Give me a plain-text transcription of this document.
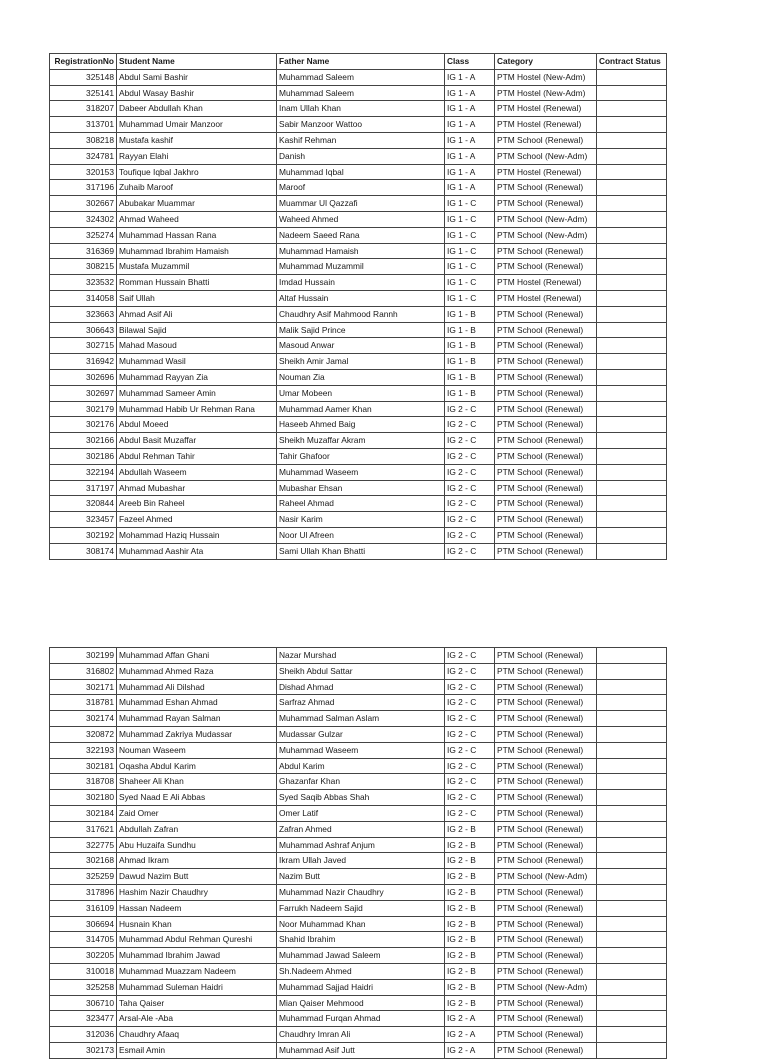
RegistrationNo	Student Name	Father Name	Class	Category	Contract Status
325148	Abdul Sami Bashir	Muhammad Saleem	IG 1 - A	PTM Hostel (New-Adm)	
325141	Abdul Wasay Bashir	Muhammad Saleem	IG 1 - A	PTM Hostel (New-Adm)	
318207	Dabeer Abdullah Khan	Inam Ullah Khan	IG 1 - A	PTM Hostel (Renewal)	
313701	Muhammad Umair Manzoor	Sabir Manzoor Wattoo	IG 1 - A	PTM Hostel (Renewal)	
308218	Mustafa kashif	Kashif Rehman	IG 1 - A	PTM School (Renewal)	
324781	Rayyan Elahi	Danish	IG 1 - A	PTM School (New-Adm)	
320153	Toufique Iqbal Jakhro	Muhammad Iqbal	IG 1 - A	PTM Hostel (Renewal)	
317196	Zuhaib Maroof	Maroof	IG 1 - A	PTM School (Renewal)	
302667	Abubakar Muammar	Muammar Ul Qazzafi	IG 1 - C	PTM School (Renewal)	
324302	Ahmad Waheed	Waheed Ahmed	IG 1 - C	PTM School (New-Adm)	
325274	Muhammad Hassan Rana	Nadeem Saeed Rana	IG 1 - C	PTM School (New-Adm)	
316369	Muhammad Ibrahim Hamaish	Muhammad Hamaish	IG 1 - C	PTM School (Renewal)	
308215	Mustafa Muzammil	Muhammad Muzammil	IG 1 - C	PTM School (Renewal)	
323532	Romman Hussain Bhatti	Imdad Hussain	IG 1 - C	PTM Hostel (Renewal)	
314058	Saif Ullah	Altaf Hussain	IG 1 - C	PTM Hostel (Renewal)	
323663	Ahmad Asif Ali	Chaudhry Asif Mahmood Rannh	IG 1 - B	PTM School (Renewal)	
306643	Bilawal Sajid	Malik Sajid Prince	IG 1 - B	PTM School (Renewal)	
302715	Mahad Masoud	Masoud Anwar	IG 1 - B	PTM School (Renewal)	
316942	Muhammad Wasil	Sheikh Amir Jamal	IG 1 - B	PTM School (Renewal)	
302696	Muhammad Rayyan Zia	Nouman Zia	IG 1 - B	PTM School (Renewal)	
302697	Muhammad Sameer Amin	Umar Mobeen	IG 1 - B	PTM School (Renewal)	
302179	Muhammad Habib Ur Rehman Rana	Muhammad Aamer Khan	IG 2 - C	PTM School (Renewal)	
302176	Abdul Moeed	Haseeb Ahmed Baig	IG 2 - C	PTM School (Renewal)	
302166	Abdul Basit Muzaffar	Sheikh Muzaffar Akram	IG 2 - C	PTM School (Renewal)	
302186	Abdul Rehman Tahir	Tahir Ghafoor	IG 2 - C	PTM School (Renewal)	
322194	Abdullah Waseem	Muhammad Waseem	IG 2 - C	PTM School (Renewal)	
317197	Ahmad Mubashar	Mubashar Ehsan	IG 2 - C	PTM School (Renewal)	
320844	Areeb Bin Raheel	Raheel Ahmad	IG 2 - C	PTM School (Renewal)	
323457	Fazeel Ahmed	Nasir Karim	IG 2 - C	PTM School (Renewal)	
302192	Mohammad Haziq Hussain	Noor Ul Afreen	IG 2 - C	PTM School (Renewal)	
308174	Muhammad Aashir Ata	Sami Ullah Khan Bhatti	IG 2 - C	PTM School (Renewal)	
302199	Muhammad Affan Ghani	Nazar Murshad	IG 2 - C	PTM School (Renewal)	
316802	Muhammad Ahmed Raza	Sheikh Abdul Sattar	IG 2 - C	PTM School (Renewal)	
302171	Muhammad Ali Dilshad	Dishad Ahmad	IG 2 - C	PTM School (Renewal)	
318781	Muhammad Eshan Ahmad	Sarfraz Ahmad	IG 2 - C	PTM School (Renewal)	
302174	Muhammad Rayan Salman	Muhammad Salman Aslam	IG 2 - C	PTM School (Renewal)	
320872	Muhammad Zakriya Mudassar	Mudassar Gulzar	IG 2 - C	PTM School (Renewal)	
322193	Nouman Waseem	Muhammad Waseem	IG 2 - C	PTM School (Renewal)	
302181	Oqasha Abdul Karim	Abdul Karim	IG 2 - C	PTM School (Renewal)	
318708	Shaheer Ali Khan	Ghazanfar Khan	IG 2 - C	PTM School (Renewal)	
302180	Syed Naad E Ali Abbas	Syed Saqib Abbas Shah	IG 2 - C	PTM School (Renewal)	
302184	Zaid Omer	Omer Latif	IG 2 - C	PTM School (Renewal)	
317621	Abdullah Zafran	Zafran Ahmed	IG 2 - B	PTM School (Renewal)	
322775	Abu Huzaifa Sundhu	Muhammad Ashraf Anjum	IG 2 - B	PTM School (Renewal)	
302168	Ahmad Ikram	Ikram Ullah Javed	IG 2 - B	PTM School (Renewal)	
325259	Dawud Nazim Butt	Nazim Butt	IG 2 - B	PTM School (New-Adm)	
317896	Hashim Nazir Chaudhry	Muhammad Nazir Chaudhry	IG 2 - B	PTM School (Renewal)	
316109	Hassan Nadeem	Farrukh Nadeem Sajid	IG 2 - B	PTM School (Renewal)	
306694	Husnain Khan	Noor Muhammad Khan	IG 2 - B	PTM School (Renewal)	
314705	Muhammad Abdul Rehman Qureshi	Shahid Ibrahim	IG 2 - B	PTM School (Renewal)	
302205	Muhammad Ibrahim Jawad	Muhammad Jawad Saleem	IG 2 - B	PTM School (Renewal)	
310018	Muhammad Muazzam Nadeem	Sh.Nadeem Ahmed	IG 2 - B	PTM School (Renewal)	
325258	Muhammad Suleman Haidri	Muhammad Sajjad Haidri	IG 2 - B	PTM School (New-Adm)	
306710	Taha Qaiser	Mian Qaiser Mehmood	IG 2 - B	PTM School (Renewal)	
323477	Arsal-Ale -Aba	Muhammad Furqan Ahmad	IG 2 - A	PTM School (Renewal)	
312036	Chaudhry Afaaq	Chaudhry Imran Ali	IG 2 - A	PTM School (Renewal)	
302173	Esmail Amin	Muhammad Asif Jutt	IG 2 - A	PTM School (Renewal)	
